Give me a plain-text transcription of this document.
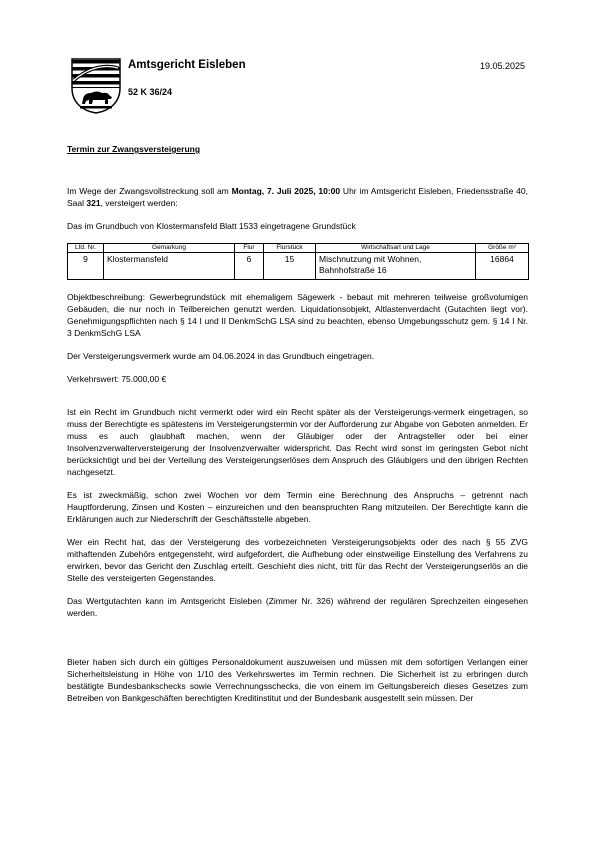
Amtsgericht Eisleben
52 K 36/24
19.05.2025
Termin zur Zwangsversteigerung

Im Wege der Zwangsvollstreckung soll am Montag, 7. Juli 2025, 10:00 Uhr im Amtsgericht Eisleben, Friedensstraße 40, Saal 321, versteigert werden:

Das im Grundbuch von Klostermansfeld Blatt 1533 eingetragene Grundstück

Lfd. Nr.	Gemarkung	Flur	Flurstück	Wirtschaftsart und Lage	Größe m²
9	Klostermansfeld	6	15	Mischnutzung mit Wohnen, Bahnhofstraße 16	16864

Objektbeschreibung: Gewerbegrundstück mit ehemaligem Sägewerk - bebaut mit mehreren teilweise großvolumigen Gebäuden, die nur noch in Teilbereichen genutzt werden. Liquidationsobjekt, Altlastenverdacht (Gutachten liegt vor). Genehmigungspflichten nach § 14 I und II DenkmSchG LSA sind zu beachten, ebenso Umgebungsschutz gem. § 14 I Nr. 3 DenkmSchG LSA

Der Versteigerungsvermerk wurde am 04.06.2024 in das Grundbuch eingetragen.

Verkehrswert: 75.000,00 €

Ist ein Recht im Grundbuch nicht vermerkt oder wird ein Recht später als der Versteigerungs-vermerk eingetragen, so muss der Berechtigte es spätestens im Versteigerungstermin vor der Aufforderung zur Abgabe von Geboten anmelden. Er muss es auch glaubhaft machen, wenn der Gläubiger oder der Antragsteller oder bei einer Insolvenzverwalterversteigerung der Insolvenzverwalter widerspricht. Das Recht wird sonst im geringsten Gebot nicht berücksichtigt und bei der Verteilung des Versteigerungserlöses dem Anspruch des Gläubigers und den übrigen Rechten nachgesetzt.

Es ist zweckmäßig, schon zwei Wochen vor dem Termin eine Berechnung des Anspruchs – getrennt nach Hauptforderung, Zinsen und Kosten – einzureichen und den beanspruchten Rang mitzuteilen. Der Berechtigte kann die Erklärungen auch zur Niederschrift der Geschäftsstelle abgeben.

Wer ein Recht hat, das der Versteigerung des vorbezeichneten Versteigerungsobjekts oder des nach § 55 ZVG mithaftenden Zubehörs entgegensteht, wird aufgefordert, die Aufhebung oder einstweilige Einstellung des Verfahrens zu erwirken, bevor das Gericht den Zuschlag erteilt. Geschieht dies nicht, tritt für das Recht der Versteigerungserlös an die Stelle des versteigerten Gegenstandes.

Das Wertgutachten kann im Amtsgericht Eisleben (Zimmer Nr. 326) während der regulären Sprechzeiten eingesehen werden.

Bieter haben sich durch ein gültiges Personaldokument auszuweisen und müssen mit dem sofortigen Verlangen einer Sicherheitsleistung in Höhe von 1/10 des Verkehrswertes im Termin rechnen. Die Sicherheit ist zu erbringen durch bestätigte Bundesbankschecks sowie Verrechnungsschecks, die von einem im Geltungsbereich dieses Gesetzes zum Betreiben von Bankgeschäften berechtigten Kreditinstitut und der Bundesbank ausgestellt sein müssen. Der
